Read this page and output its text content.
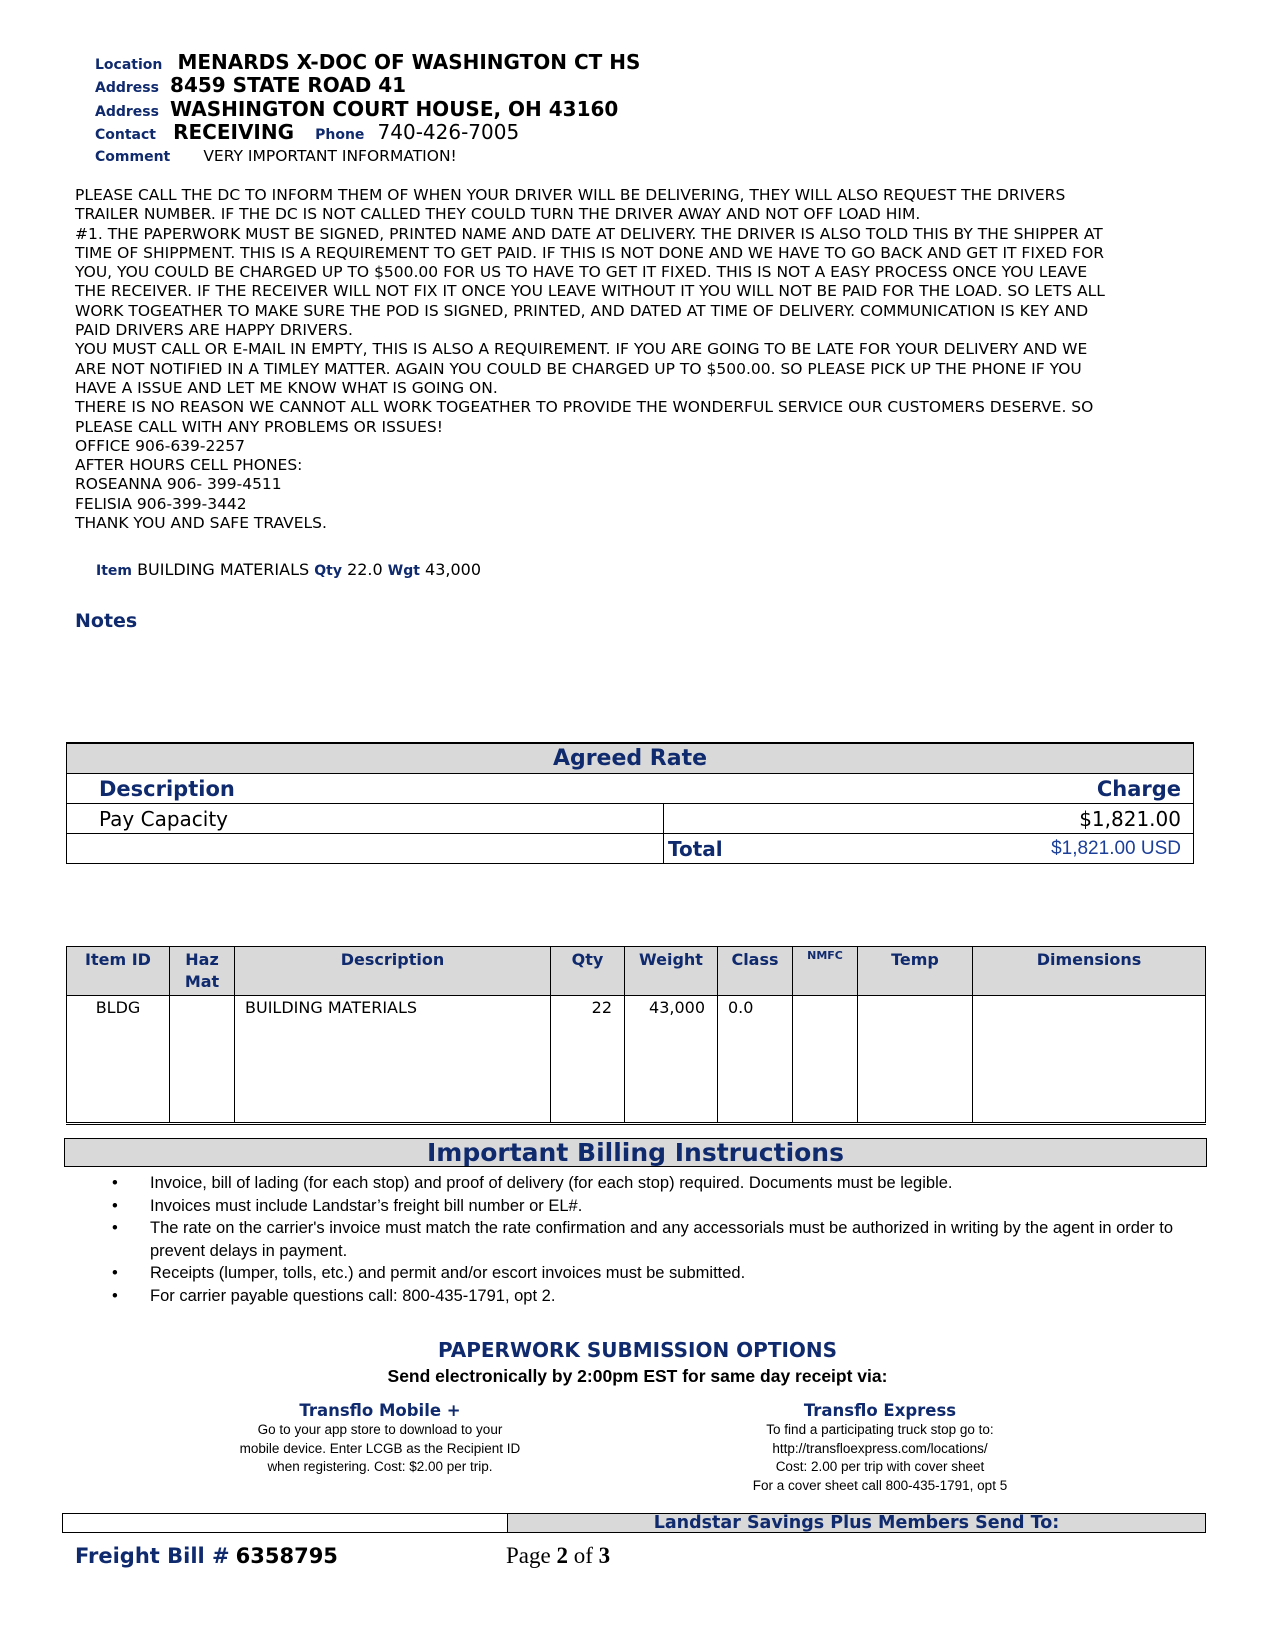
Location MENARDS X-DOC OF WASHINGTON CT HS
Address 8459 STATE ROAD 41
Address WASHINGTON COURT HOUSE, OH 43160
Contact RECEIVING Phone 740-426-7005
Comment VERY IMPORTANT INFORMATION!
PLEASE CALL THE DC TO INFORM THEM OF WHEN YOUR DRIVER WILL BE DELIVERING, THEY WILL ALSO REQUEST THE DRIVERS
TRAILER NUMBER. IF THE DC IS NOT CALLED THEY COULD TURN THE DRIVER AWAY AND NOT OFF LOAD HIM.
#1. THE PAPERWORK MUST BE SIGNED, PRINTED NAME AND DATE AT DELIVERY. THE DRIVER IS ALSO TOLD THIS BY THE SHIPPER AT
TIME OF SHIPPMENT. THIS IS A REQUIREMENT TO GET PAID. IF THIS IS NOT DONE AND WE HAVE TO GO BACK AND GET IT FIXED FOR
YOU, YOU COULD BE CHARGED UP TO $500.00 FOR US TO HAVE TO GET IT FIXED. THIS IS NOT A EASY PROCESS ONCE YOU LEAVE
THE RECEIVER. IF THE RECEIVER WILL NOT FIX IT ONCE YOU LEAVE WITHOUT IT YOU WILL NOT BE PAID FOR THE LOAD. SO LETS ALL
WORK TOGEATHER TO MAKE SURE THE POD IS SIGNED, PRINTED, AND DATED AT TIME OF DELIVERY. COMMUNICATION IS KEY AND
PAID DRIVERS ARE HAPPY DRIVERS.
YOU MUST CALL OR E-MAIL IN EMPTY, THIS IS ALSO A REQUIREMENT. IF YOU ARE GOING TO BE LATE FOR YOUR DELIVERY AND WE
ARE NOT NOTIFIED IN A TIMLEY MATTER. AGAIN YOU COULD BE CHARGED UP TO $500.00. SO PLEASE PICK UP THE PHONE IF YOU
HAVE A ISSUE AND LET ME KNOW WHAT IS GOING ON.
THERE IS NO REASON WE CANNOT ALL WORK TOGEATHER TO PROVIDE THE WONDERFUL SERVICE OUR CUSTOMERS DESERVE. SO
PLEASE CALL WITH ANY PROBLEMS OR ISSUES!
OFFICE 906-639-2257
AFTER HOURS CELL PHONES:
ROSEANNA 906- 399-4511
FELISIA 906-399-3442
THANK YOU AND SAFE TRAVELS.
Item BUILDING MATERIALS Qty 22.0 Wgt 43,000
Notes
Agreed Rate
Description	Charge
Pay Capacity	$1,821.00
Total	$1,821.00 USD
Item ID	Haz Mat	Description	Qty	Weight	Class	NMFC	Temp	Dimensions
BLDG		BUILDING MATERIALS	22	43,000	0.0			
Important Billing Instructions
•	Invoice, bill of lading (for each stop) and proof of delivery (for each stop) required. Documents must be legible.
•	Invoices must include Landstar’s freight bill number or EL#.
•	The rate on the carrier's invoice must match the rate confirmation and any accessorials must be authorized in writing by the agent in order to prevent delays in payment.
•	Receipts (lumper, tolls, etc.) and permit and/or escort invoices must be submitted.
•	For carrier payable questions call: 800-435-1791, opt 2.
PAPERWORK SUBMISSION OPTIONS
Send electronically by 2:00pm EST for same day receipt via:
Transflo Mobile +
Go to your app store to download to your
mobile device. Enter LCGB as the Recipient ID
when registering. Cost: $2.00 per trip.
Transflo Express
To find a participating truck stop go to:
http://transfloexpress.com/locations/
Cost: 2.00 per trip with cover sheet
For a cover sheet call 800-435-1791, opt 5
Landstar Savings Plus Members Send To:
Freight Bill # 6358795	Page 2 of 3
